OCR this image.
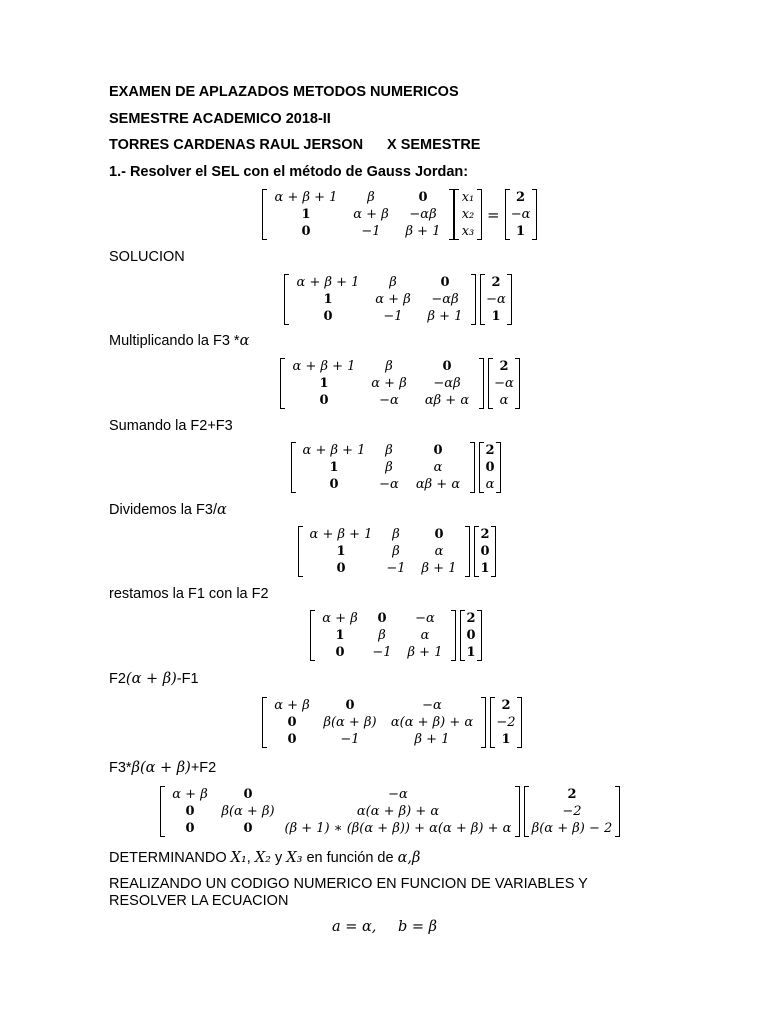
EXAMEN DE APLAZADOS METODOS NUMERICOS
SEMESTRE ACADEMICO 2018-II
TORRES CARDENAS RAUL JERSON X SEMESTRE
1.- Resolver el SEL con el método de Gauss Jordan:
α + β + 1	β	0
1	α + β	−αβ
0	−1	β + 1
x₁
x₂
x₃
=
2
−α
1
SOLUCION
α + β + 1	β	0
1	α + β	−αβ
0	−1	β + 1
2
−α
1
Multiplicando la F3 *α
α + β + 1	β	0
1	α + β	−αβ
0	−α	αβ + α
2
−α
α
Sumando la F2+F3
α + β + 1	β	0
1	β	α
0	−α	αβ + α
2
0
α
Dividemos la F3/α
α + β + 1	β	0
1	β	α
0	−1	β + 1
2
0
1
restamos la F1 con la F2
α + β	0	−α
1	β	α
0	−1	β + 1
2
0
1
F2(α + β)-F1
α + β	0	−α
0	β(α + β)	α(α + β) + α
0	−1	β + 1
2
−2
1
F3*β(α + β)+F2
α + β	0	−α
0	β(α + β)	α(α + β) + α
0	0	(β + 1) ∗ (β(α + β)) + α(α + β) + α
2
−2
β(α + β) − 2
DETERMINANDO X₁, X₂ y X₃ en función de α,β
REALIZANDO UN CODIGO NUMERICO EN FUNCION DE VARIABLES Y
RESOLVER LA ECUACION
a = α, b = β
